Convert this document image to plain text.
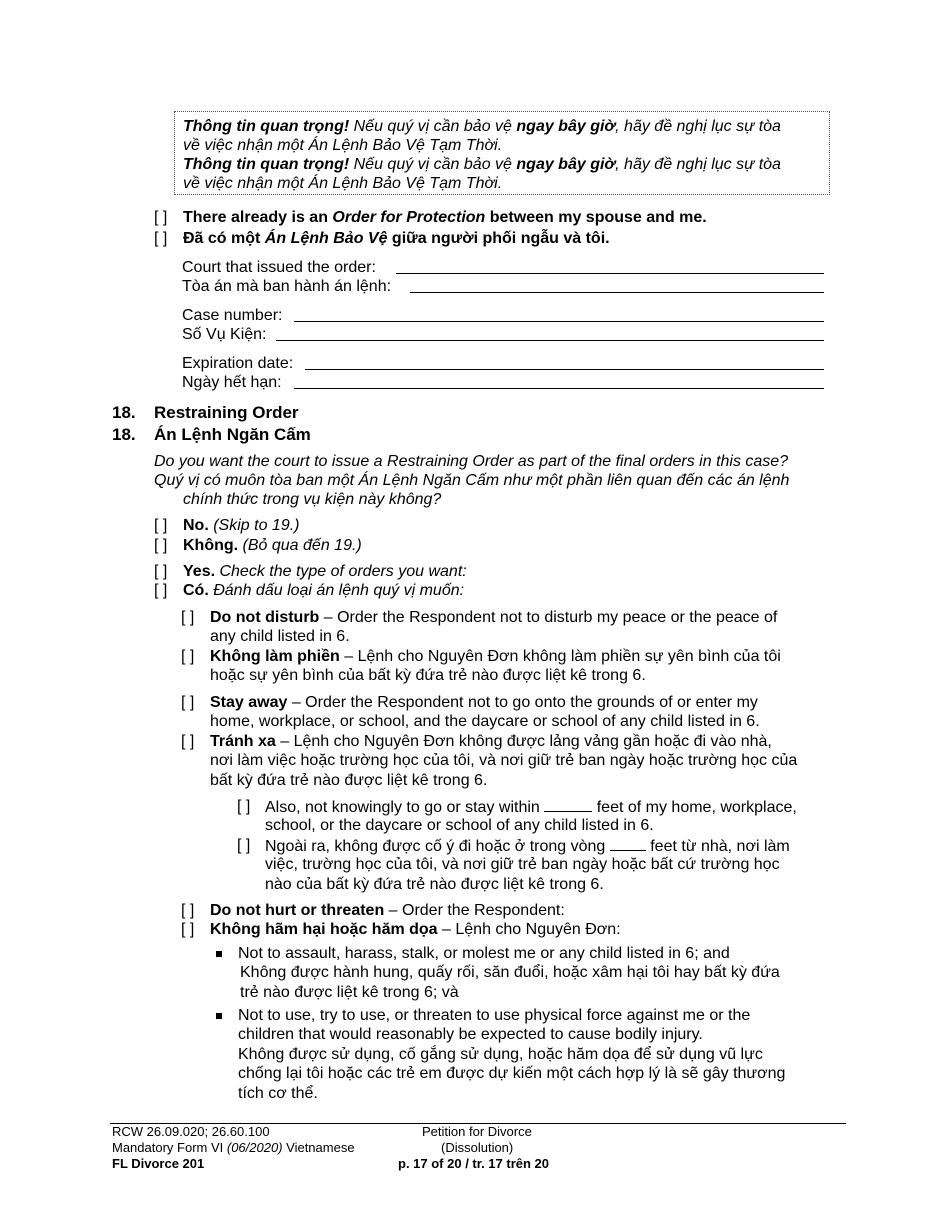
Thông tin quan trọng! Nếu quý vị cần bảo vệ ngay bây giờ, hãy đề nghị lục sự tòa
về việc nhận một Án Lệnh Bảo Vệ Tạm Thời.
Thông tin quan trọng! Nếu quý vị cần bảo vệ ngay bây giờ, hãy đề nghị lục sự tòa
về việc nhận một Án Lệnh Bảo Vệ Tạm Thời.
[ ] There already is an Order for Protection between my spouse and me.
[ ] Đã có một Án Lệnh Bảo Vệ giữa người phối ngẫu và tôi.
Court that issued the order:
Tòa án mà ban hành án lệnh:
Case number:
Số Vụ Kiện:
Expiration date:
Ngày hết hạn:
18. Restraining Order
18. Án Lệnh Ngăn Cấm
Do you want the court to issue a Restraining Order as part of the final orders in this case?
Quý vị có muôn tòa ban một Án Lệnh Ngăn Cấm như một phần liên quan đến các án lệnh
chính thức trong vụ kiện này không?
[ ] No. (Skip to 19.)
[ ] Không. (Bỏ qua đến 19.)
[ ] Yes. Check the type of orders you want:
[ ] Có. Đánh dấu loại án lệnh quý vị muốn:
[ ] Do not disturb – Order the Respondent not to disturb my peace or the peace of
any child listed in 6.
[ ] Không làm phiền – Lệnh cho Nguyên Đơn không làm phiền sự yên bình của tôi
hoặc sự yên bình của bất kỳ đứa trẻ nào được liệt kê trong 6.
[ ] Stay away – Order the Respondent not to go onto the grounds of or enter my
home, workplace, or school, and the daycare or school of any child listed in 6.
[ ] Tránh xa – Lệnh cho Nguyên Đơn không được lảng vảng gần hoặc đi vào nhà,
nơi làm việc hoặc trường học của tôi, và nơi giữ trẻ ban ngày hoặc trường học của
bất kỳ đứa trẻ nào được liệt kê trong 6.
[ ] Also, not knowingly to go or stay within	feet of my home, workplace,
school, or the daycare or school of any child listed in 6.
[ ] Ngoài ra, không được cố ý đi hoặc ở trong vòng	feet từ nhà, nơi làm
việc, trường học của tôi, và nơi giữ trẻ ban ngày hoặc bất cứ trường học
nào của bất kỳ đứa trẻ nào được liệt kê trong 6.
[ ] Do not hurt or threaten – Order the Respondent:
[ ] Không hãm hại hoặc hăm dọa – Lệnh cho Nguyên Đơn:
Not to assault, harass, stalk, or molest me or any child listed in 6; and
Không được hành hung, quấy rối, săn đuổi, hoặc xâm hại tôi hay bất kỳ đứa
trẻ nào được liệt kê trong 6; và
Not to use, try to use, or threaten to use physical force against me or the
children that would reasonably be expected to cause bodily injury.
Không được sử dụng, cố gắng sử dụng, hoặc hăm dọa để sử dụng vũ lực
chống lại tôi hoặc các trẻ em được dự kiến một cách hợp lý là sẽ gây thương
tích cơ thể.
RCW 26.09.020; 26.60.100
Mandatory Form VI (06/2020) Vietnamese
FL Divorce 201
Petition for Divorce
(Dissolution)
p. 17 of 20 / tr. 17 trên 20
